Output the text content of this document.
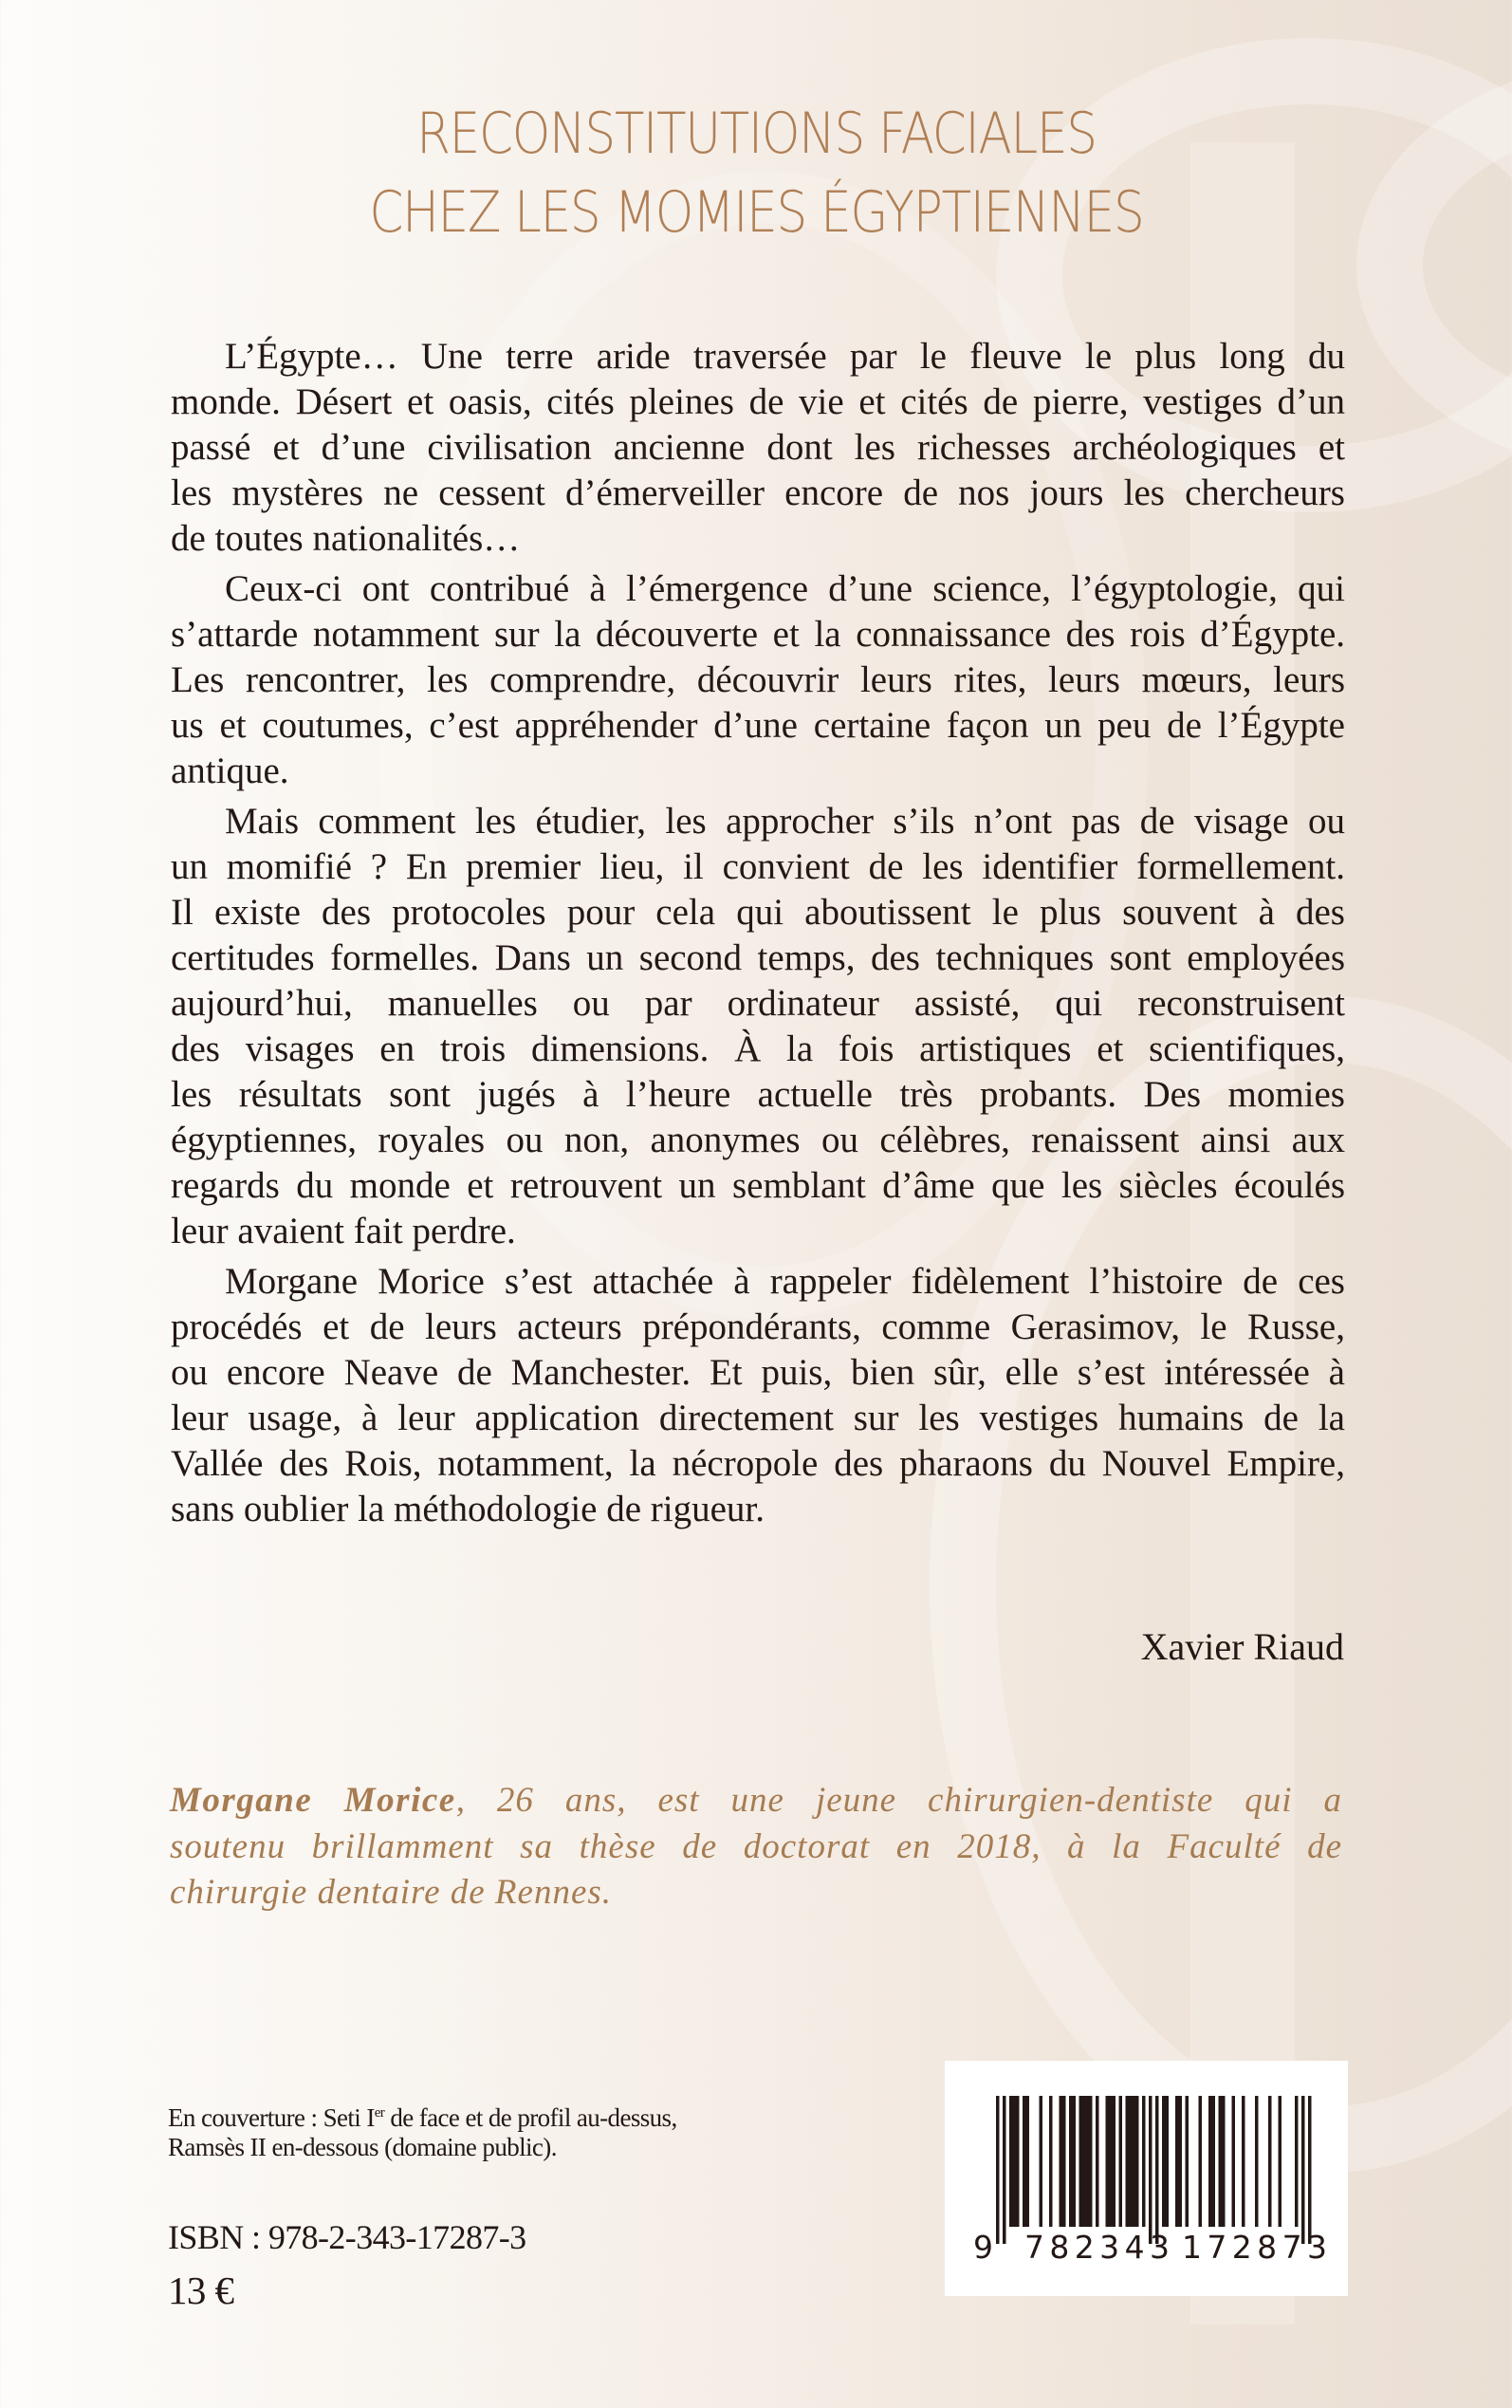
RECONSTITUTIONS FACIALES
CHEZ LES MOMIES ÉGYPTIENNES
L’Égypte… Une terre aride traversée par le fleuve le plus long du
monde. Désert et oasis, cités pleines de vie et cités de pierre, vestiges d’un
passé et d’une civilisation ancienne dont les richesses archéologiques et
les mystères ne cessent d’émerveiller encore de nos jours les chercheurs
de toutes nationalités…
Ceux-ci ont contribué à l’émergence d’une science, l’égyptologie, qui
s’attarde notamment sur la découverte et la connaissance des rois d’Égypte.
Les rencontrer, les comprendre, découvrir leurs rites, leurs mœurs, leurs
us et coutumes, c’est appréhender d’une certaine façon un peu de l’Égypte
antique.
Mais comment les étudier, les approcher s’ils n’ont pas de visage ou
un momifié ? En premier lieu, il convient de les identifier formellement.
Il existe des protocoles pour cela qui aboutissent le plus souvent à des
certitudes formelles. Dans un second temps, des techniques sont employées
aujourd’hui, manuelles ou par ordinateur assisté, qui reconstruisent
des visages en trois dimensions. À la fois artistiques et scientifiques,
les résultats sont jugés à l’heure actuelle très probants. Des momies
égyptiennes, royales ou non, anonymes ou célèbres, renaissent ainsi aux
regards du monde et retrouvent un semblant d’âme que les siècles écoulés
leur avaient fait perdre.
Morgane Morice s’est attachée à rappeler fidèlement l’histoire de ces
procédés et de leurs acteurs prépondérants, comme Gerasimov, le Russe,
ou encore Neave de Manchester. Et puis, bien sûr, elle s’est intéressée à
leur usage, à leur application directement sur les vestiges humains de la
Vallée des Rois, notamment, la nécropole des pharaons du Nouvel Empire,
sans oublier la méthodologie de rigueur.
Xavier Riaud
Morgane Morice, 26 ans, est une jeune chirurgien-dentiste qui a
soutenu brillamment sa thèse de doctorat en 2018, à la Faculté de
chirurgie dentaire de Rennes.
En couverture : Seti Ier de face et de profil au-dessus,
Ramsès II en-dessous (domaine public).
ISBN : 978-2-343-17287-3
13 €
9 782343 172873
